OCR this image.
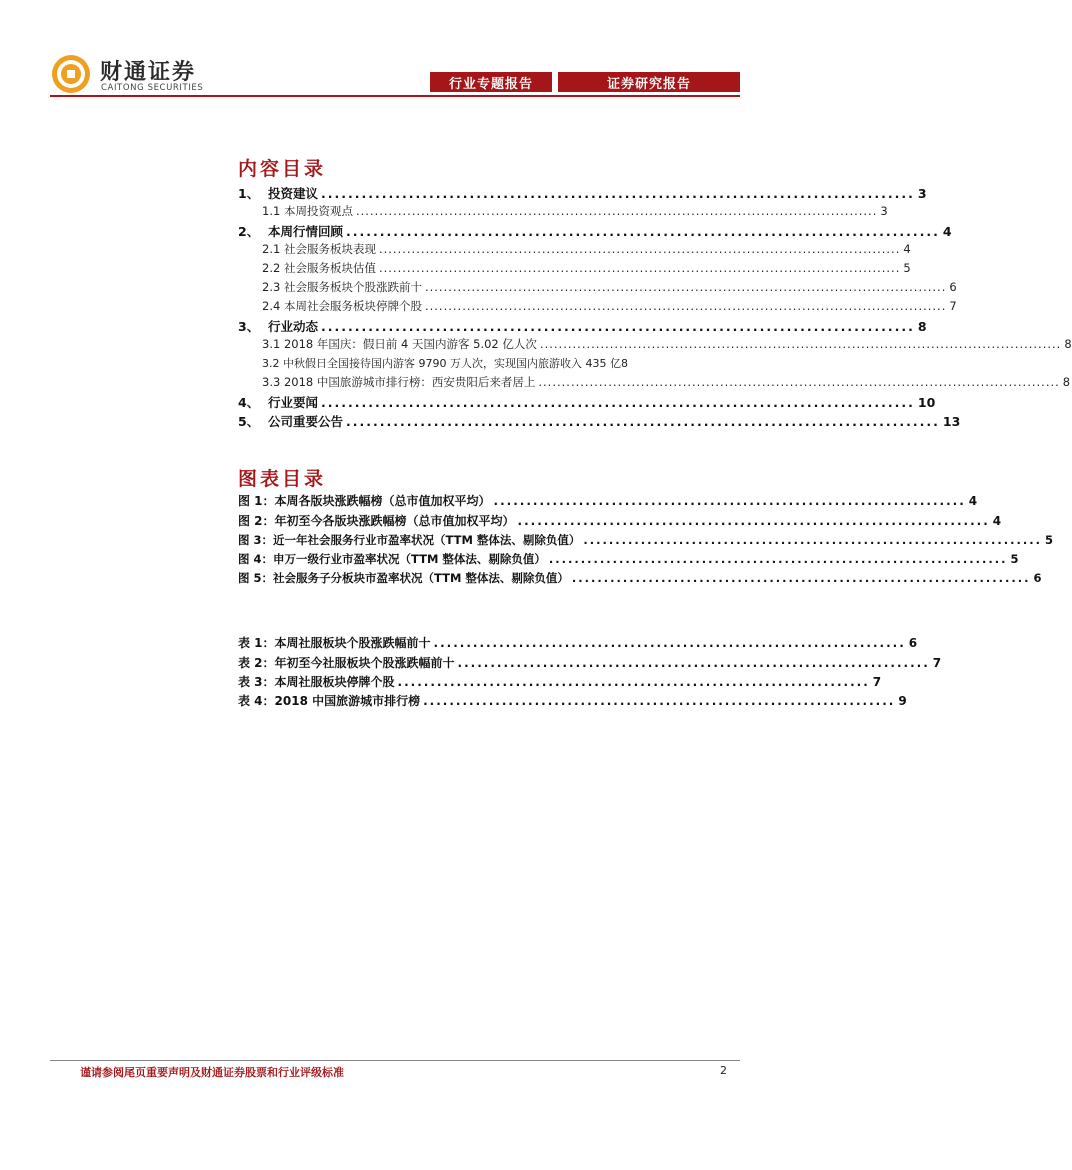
财通证券
CAITONG SECURITIES	行业专题报告	证券研究报告
内容目录
1、 投资建议 ........................................................................................ 3
1.1 本周投资观点 ................................................................................................................ 3
2、 本周行情回顾 ........................................................................................ 4
2.1 社会服务板块表现 ................................................................................................................ 4
2.2 社会服务板块估值 ................................................................................................................ 5
2.3 社会服务板块个股涨跌前十 ................................................................................................................ 6
2.4 本周社会服务板块停牌个股 ................................................................................................................ 7
3、 行业动态 ........................................................................................ 8
3.1 2018 年国庆：假日前 4 天国内游客 5.02 亿人次 ................................................................................................................ 8
3.2 中秋假日全国接待国内游客 9790 万人次，实现国内旅游收入 435 亿 8
3.3 2018 中国旅游城市排行榜：西安贵阳后来者居上 ................................................................................................................ 8
4、 行业要闻 ........................................................................................ 10
5、 公司重要公告 ........................................................................................ 13
图表目录
图 1：本周各版块涨跌幅榜（总市值加权平均） ........................................................................ 4
图 2：年初至今各版块涨跌幅榜（总市值加权平均） ........................................................................ 4
图 3：近一年社会服务行业市盈率状况（TTM 整体法、剔除负值） ........................................................................ 5
图 4：申万一级行业市盈率状况（TTM 整体法、剔除负值） ........................................................................ 5
图 5：社会服务子分板块市盈率状况（TTM 整体法、剔除负值） ........................................................................ 6
表 1：本周社服板块个股涨跌幅前十 ........................................................................ 6
表 2：年初至今社服板块个股涨跌幅前十 ........................................................................ 7
表 3：本周社服板块停牌个股 ........................................................................ 7
表 4：2018 中国旅游城市排行榜 ........................................................................ 9
谨请参阅尾页重要声明及财通证券股票和行业评级标准	2
